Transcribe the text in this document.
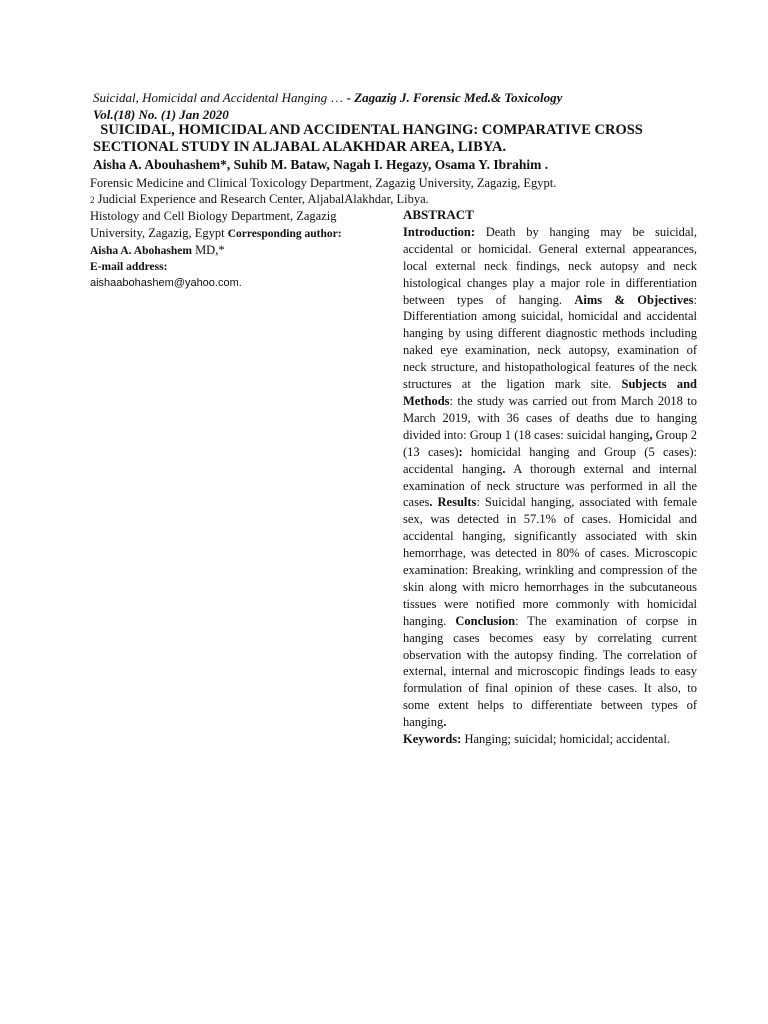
Suicidal, Homicidal and Accidental Hanging … - Zagazig J. Forensic Med.& Toxicology
Vol.(18) No. (1) Jan 2020
SUICIDAL, HOMICIDAL AND ACCIDENTAL HANGING: COMPARATIVE CROSS SECTIONAL STUDY IN ALJABAL ALAKHDAR AREA, LIBYA.
Aisha A. Abouhashem*, Suhib M. Bataw, Nagah I. Hegazy, Osama Y. Ibrahim .
Forensic Medicine and Clinical Toxicology Department, Zagazig University, Zagazig, Egypt.
2 Judicial Experience and Research Center, AljabalAlakhdar, Libya.
Histology and Cell Biology Department, Zagazig
University, Zagazig, Egypt Corresponding author:
Aisha A. Abohashem MD,*
E-mail address:
aishaabohashem@yahoo.com.
ABSTRACT
Introduction: Death by hanging may be suicidal, accidental or homicidal. General external appearances, local external neck findings, neck autopsy and neck histological changes play a major role in differentiation between types of hanging. Aims & Objectives: Differentiation among suicidal, homicidal and accidental hanging by using different diagnostic methods including naked eye examination, neck autopsy, examination of neck structure, and histopathological features of the neck structures at the ligation mark site. Subjects and Methods: the study was carried out from March 2018 to March 2019, with 36 cases of deaths due to hanging divided into: Group 1 (18 cases: suicidal hanging, Group 2 (13 cases): homicidal hanging and Group (5 cases): accidental hanging. A thorough external and internal examination of neck structure was performed in all the cases. Results: Suicidal hanging, associated with female sex, was detected in 57.1% of cases. Homicidal and accidental hanging, significantly associated with skin hemorrhage, was detected in 80% of cases. Microscopic examination: Breaking, wrinkling and compression of the skin along with micro hemorrhages in the subcutaneous tissues were notified more commonly with homicidal hanging. Conclusion: The examination of corpse in hanging cases becomes easy by correlating current observation with the autopsy finding. The correlation of external, internal and microscopic findings leads to easy formulation of final opinion of these cases. It also, to some extent helps to differentiate between types of hanging.
Keywords: Hanging; suicidal; homicidal; accidental.
